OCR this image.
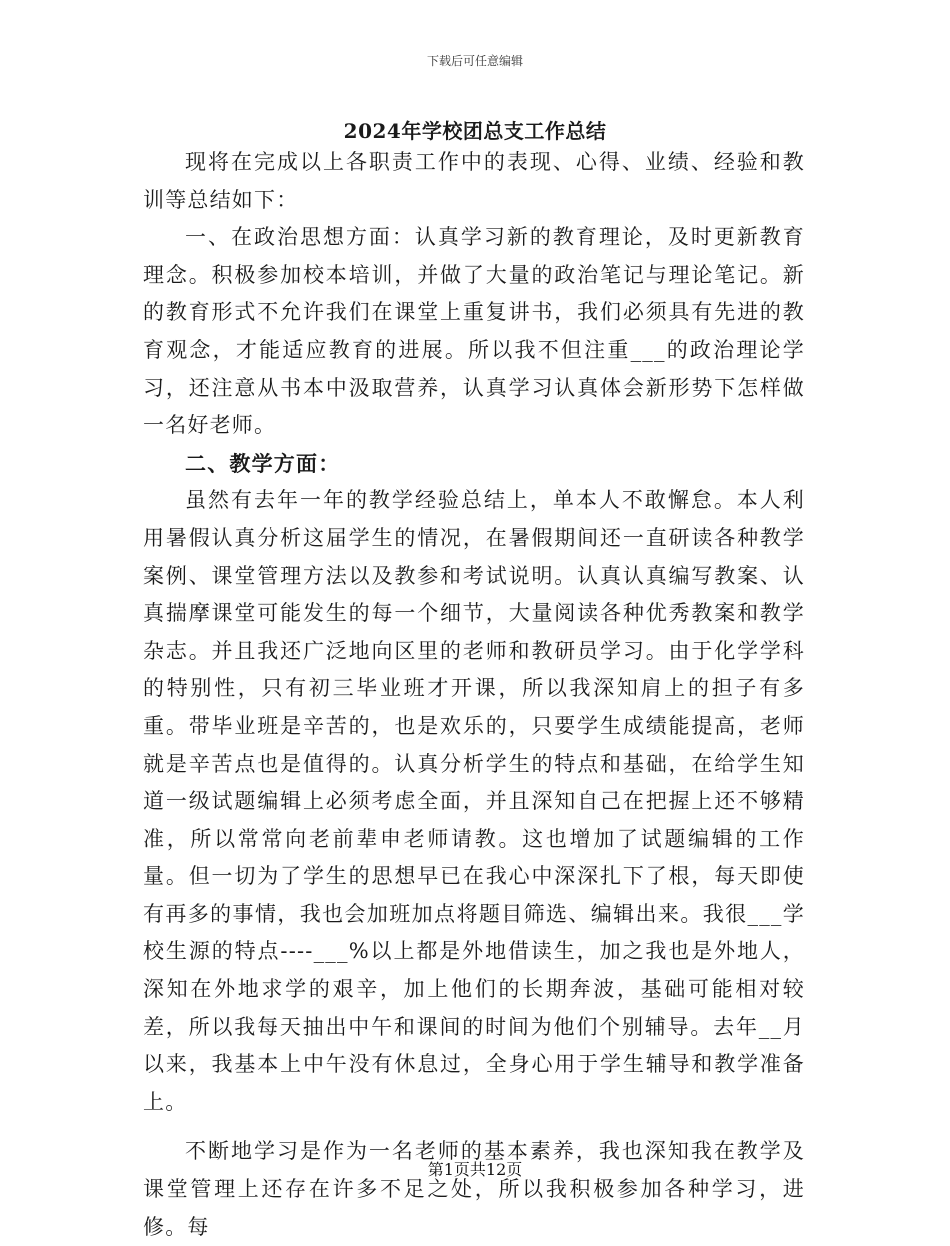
下载后可任意编辑
2024年学校团总支工作总结

现将在完成以上各职责工作中的表现、心得、业绩、经验和教训等总结如下：

一、在政治思想方面：认真学习新的教育理论，及时更新教育理念。积极参加校本培训，并做了大量的政治笔记与理论笔记。新的教育形式不允许我们在课堂上重复讲书，我们必须具有先进的教育观念，才能适应教育的进展。所以我不但注重___的政治理论学习，还注意从书本中汲取营养，认真学习认真体会新形势下怎样做一名好老师。

二、教学方面：

虽然有去年一年的教学经验总结上，单本人不敢懈怠。本人利用暑假认真分析这届学生的情况，在暑假期间还一直研读各种教学案例、课堂管理方法以及教参和考试说明。认真认真编写教案、认真揣摩课堂可能发生的每一个细节，大量阅读各种优秀教案和教学杂志。并且我还广泛地向区里的老师和教研员学习。由于化学学科的特别性，只有初三毕业班才开课，所以我深知肩上的担子有多重。带毕业班是辛苦的，也是欢乐的，只要学生成绩能提高，老师就是辛苦点也是值得的。认真分析学生的特点和基础，在给学生知道一级试题编辑上必须考虑全面，并且深知自己在把握上还不够精准，所以常常向老前辈申老师请教。这也增加了试题编辑的工作量。但一切为了学生的思想早已在我心中深深扎下了根，每天即使有再多的事情，我也会加班加点将题目筛选、编辑出来。我很___学校生源的特点----___%以上都是外地借读生，加之我也是外地人，深知在外地求学的艰辛，加上他们的长期奔波，基础可能相对较差，所以我每天抽出中午和课间的时间为他们个别辅导。去年__月以来，我基本上中午没有休息过，全身心用于学生辅导和教学准备上。

不断地学习是作为一名老师的基本素养，我也深知我在教学及课堂管理上还存在许多不足之处，所以我积极参加各种学习，进修。每

第1页共12页
